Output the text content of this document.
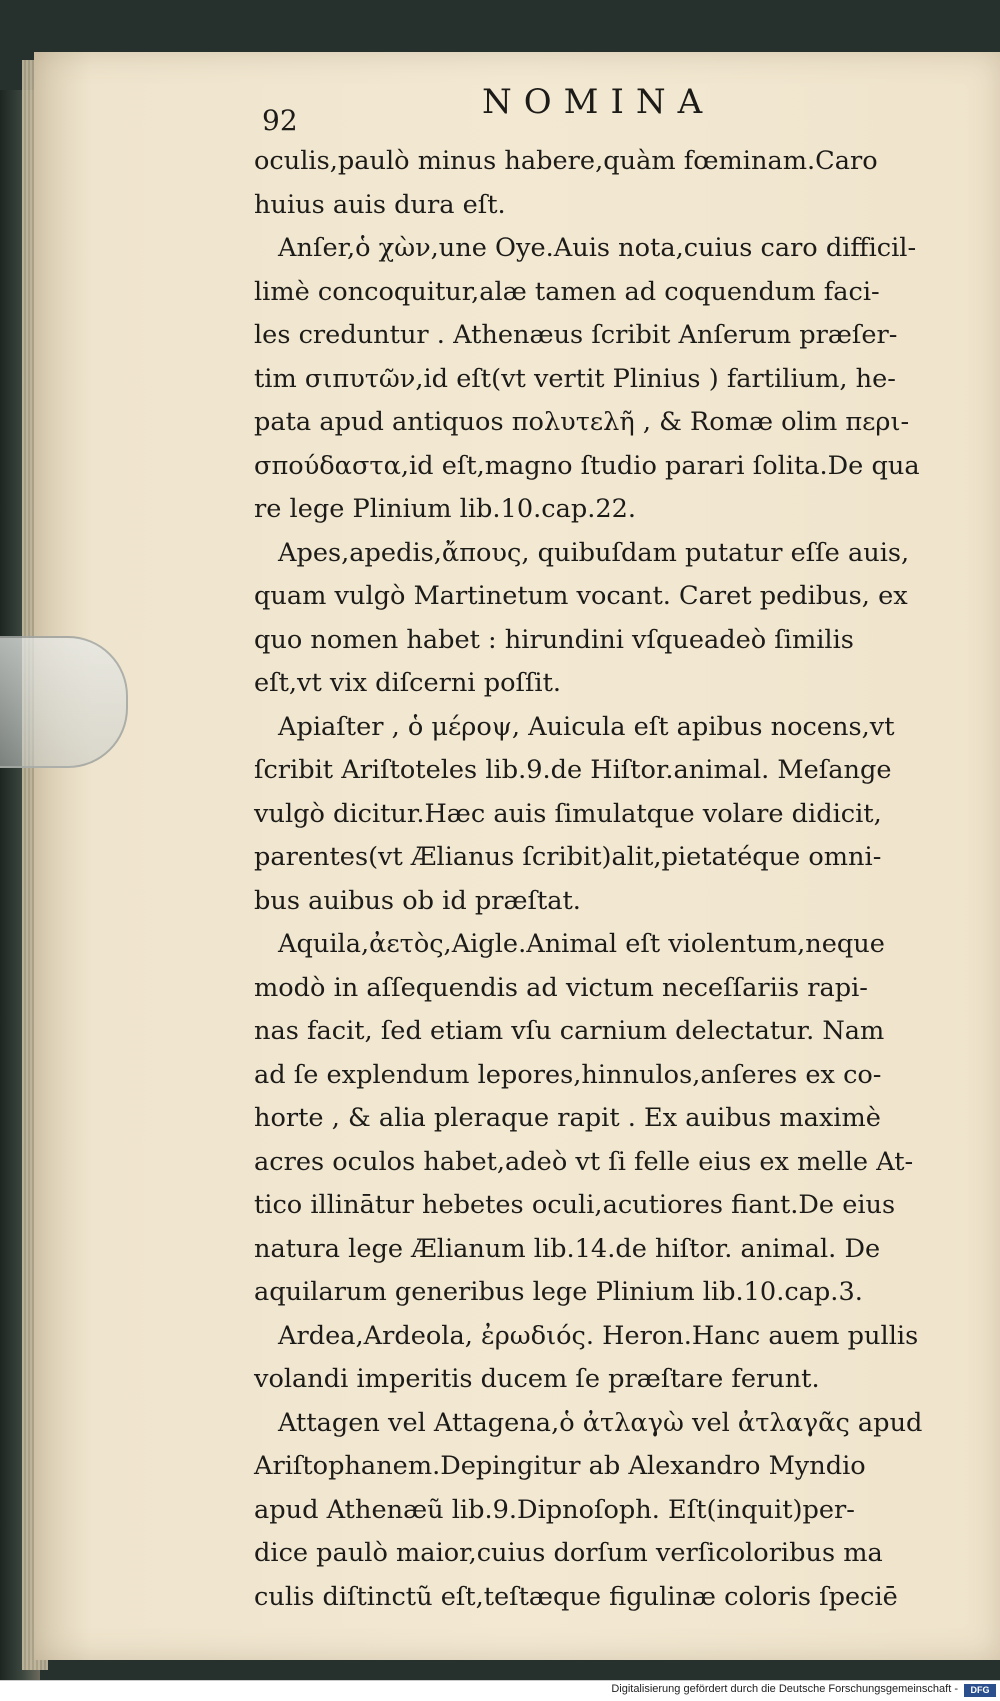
92	NOMINA
oculis,paulò minus habere,quàm fœminam.Caro
huius auis dura eſt.
Anſer,ὁ χὼν,une Oye.Auis nota,cuius caro difficil-
limè concoquitur,alæ tamen ad coquendum faci-
les creduntur . Athenæus ſcribit Anſerum præſer-
tim σιπυτῶν,id eſt(vt vertit Plinius ) fartilium, he-
pata apud antiquos πολυτελῆ , & Romæ olim περι-
σπούδαστα,id eſt,magno ſtudio parari ſolita.De qua
re lege Plinium lib.10.cap.22.
Apes,apedis,ἄπους, quibuſdam putatur eſſe auis,
quam vulgò Martinetum vocant. Caret pedibus, ex
quo nomen habet : hirundini vſqueadeò ſimilis
eſt,vt vix diſcerni poſſit.
Apiaſter , ὁ μέροψ, Auicula eſt apibus nocens,vt
ſcribit Ariſtoteles lib.9.de Hiſtor.animal. Meſange
vulgò dicitur.Hæc auis ſimulatque volare didicit,
parentes(vt Ælianus ſcribit)alit,pietatéque omni-
bus auibus ob id præſtat.
Aquila,ἀετὸς,Aigle.Animal eſt violentum,neque
modò in aſſequendis ad victum neceſſariis rapi-
nas facit, ſed etiam vſu carnium delectatur. Nam
ad ſe explendum lepores,hinnulos,anſeres ex co-
horte , & alia pleraque rapit . Ex auibus maximè
acres oculos habet,adeò vt ſi felle eius ex melle At-
tico illinātur hebetes oculi,acutiores fiant.De eius
natura lege Ælianum lib.14.de hiſtor. animal. De
aquilarum generibus lege Plinium lib.10.cap.3.
Ardea,Ardeola, ἐρωδιός. Heron.Hanc auem pullis
volandi imperitis ducem ſe præſtare ferunt.
Attagen vel Attagena,ὁ ἀτλαγὼ vel ἀτλαγᾶς apud
Ariſtophanem.Depingitur ab Alexandro Myndio
apud Athenæũ lib.9.Dipnoſoph. Eſt(inquit)per-
dice paulò maior,cuius dorſum verſicoloribus ma
culis diſtinctũ eſt,teſtæque figulinæ coloris ſpeciē
Digitalisierung gefördert durch die Deutsche Forschungsgemeinschaft -	DFG
